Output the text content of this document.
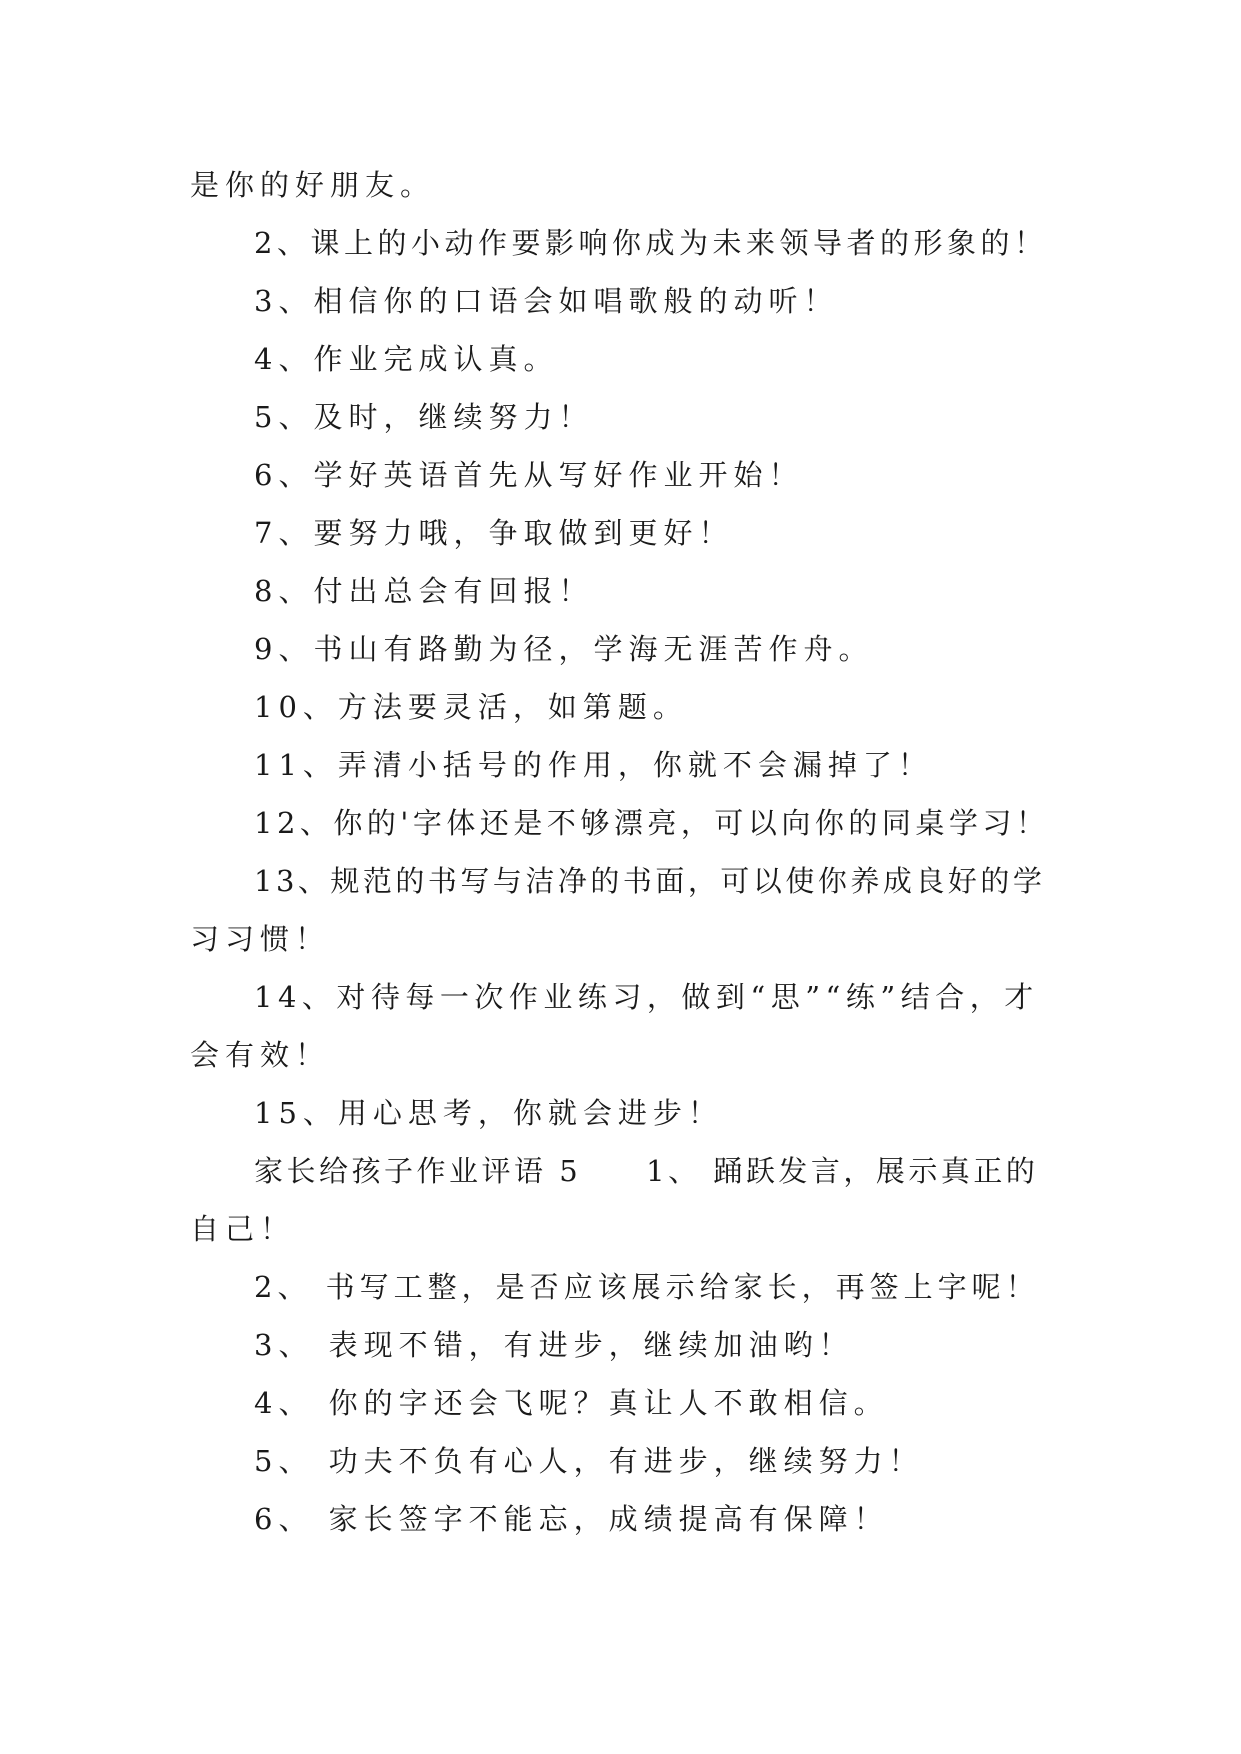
是你的好朋友。
2、课上的小动作要影响你成为未来领导者的形象的！
3、相信你的口语会如唱歌般的动听！
4、作业完成认真。
5、及时，继续努力！
6、学好英语首先从写好作业开始！
7、要努力哦，争取做到更好！
8、付出总会有回报！
9、书山有路勤为径，学海无涯苦作舟。
10、方法要灵活，如第题。
11、弄清小括号的作用，你就不会漏掉了！
12、你的'字体还是不够漂亮，可以向你的同桌学习！
13、规范的书写与洁净的书面，可以使你养成良好的学
习习惯！
14、对待每一次作业练习，做到“思”“练”结合，才
会有效！
15、用心思考，你就会进步！
家长给孩子作业评语 5　　1、 踊跃发言，展示真正的
自己！
2、 书写工整，是否应该展示给家长，再签上字呢！
3、 表现不错，有进步，继续加油哟！
4、 你的字还会飞呢？真让人不敢相信。
5、 功夫不负有心人，有进步，继续努力！
6、 家长签字不能忘，成绩提高有保障！
